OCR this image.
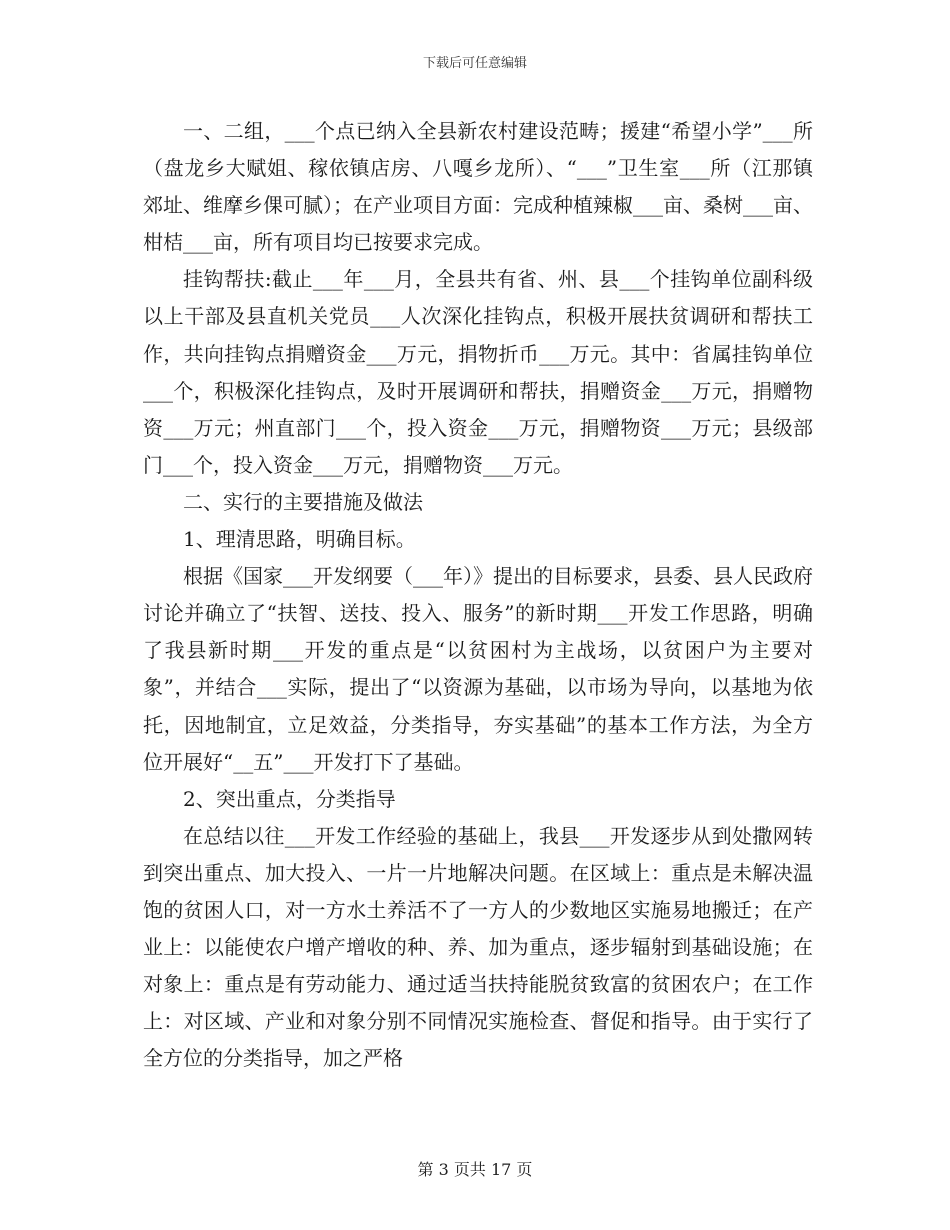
下载后可任意编辑

一、二组，___个点已纳入全县新农村建设范畴；援建“希望小学”___所（盘龙乡大赋姐、稼依镇店房、八嘎乡龙所）、“___”卫生室___所（江那镇郊址、维摩乡倮可腻）；在产业项目方面：完成种植辣椒___亩、桑树___亩、柑桔___亩，所有项目均已按要求完成。

挂钩帮扶:截止___年___月，全县共有省、州、县___个挂钩单位副科级以上干部及县直机关党员___人次深化挂钩点，积极开展扶贫调研和帮扶工作，共向挂钩点捐赠资金___万元，捐物折币___万元。其中：省属挂钩单位___个，积极深化挂钩点，及时开展调研和帮扶，捐赠资金___万元，捐赠物资___万元；州直部门___个，投入资金___万元，捐赠物资___万元；县级部门___个，投入资金___万元，捐赠物资___万元。

二、实行的主要措施及做法

1、理清思路，明确目标。

根据《国家___开发纲要（___年）》提出的目标要求，县委、县人民政府讨论并确立了“扶智、送技、投入、服务”的新时期___开发工作思路，明确了我县新时期___开发的重点是“以贫困村为主战场，以贫困户为主要对象”，并结合___实际，提出了“以资源为基础，以市场为导向，以基地为依托，因地制宜，立足效益，分类指导，夯实基础”的基本工作方法，为全方位开展好“__五”___开发打下了基础。

2、突出重点，分类指导

在总结以往___开发工作经验的基础上，我县___开发逐步从到处撒网转到突出重点、加大投入、一片一片地解决问题。在区域上：重点是未解决温饱的贫困人口，对一方水土养活不了一方人的少数地区实施易地搬迁；在产业上：以能使农户增产增收的种、养、加为重点，逐步辐射到基础设施；在对象上：重点是有劳动能力、通过适当扶持能脱贫致富的贫困农户；在工作上：对区域、产业和对象分别不同情况实施检查、督促和指导。由于实行了全方位的分类指导，加之严格

第 3 页共 17 页
